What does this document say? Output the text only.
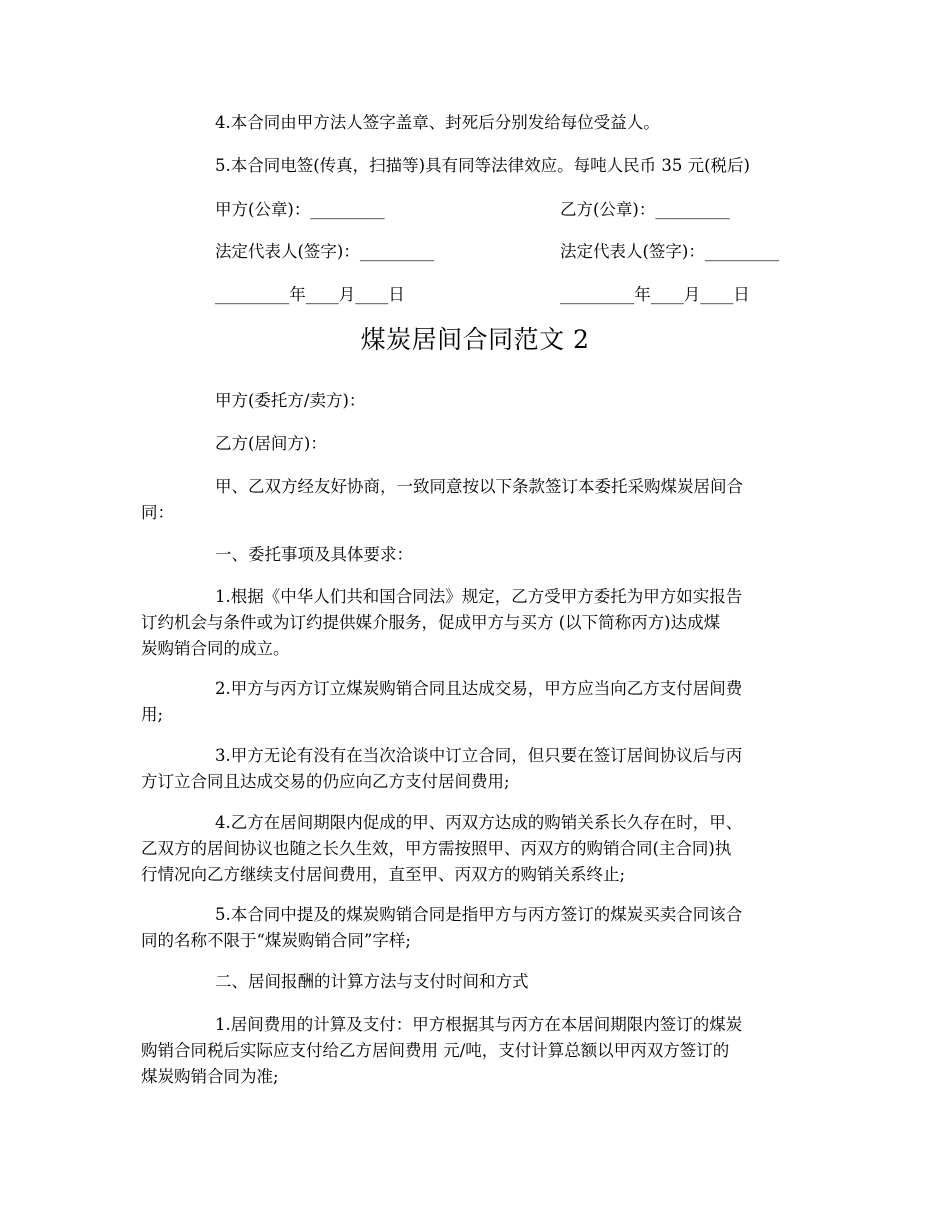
4.本合同由甲方法人签字盖章、封死后分别发给每位受益人。

5.本合同电签(传真，扫描等)具有同等法律效应。每吨人民币 35 元(税后)

甲方(公章)：_________	乙方(公章)：_________
法定代表人(签字)：_________	法定代表人(签字)：_________
_________年____月____日	_________年____月____日
煤炭居间合同范文 2

甲方(委托方/卖方)：

乙方(居间方)：

甲、乙双方经友好协商，一致同意按以下条款签订本委托采购煤炭居间合
同：

一、委托事项及具体要求：

1.根据《中华人们共和国合同法》规定，乙方受甲方委托为甲方如实报告
订约机会与条件或为订约提供媒介服务，促成甲方与买方 (以下简称丙方)达成煤
炭购销合同的成立。

2.甲方与丙方订立煤炭购销合同且达成交易，甲方应当向乙方支付居间费
用;

3.甲方无论有没有在当次洽谈中订立合同，但只要在签订居间协议后与丙
方订立合同且达成交易的仍应向乙方支付居间费用;

4.乙方在居间期限内促成的甲、丙双方达成的购销关系长久存在时，甲、
乙双方的居间协议也随之长久生效，甲方需按照甲、丙双方的购销合同(主合同)执
行情况向乙方继续支付居间费用，直至甲、丙双方的购销关系终止;

5.本合同中提及的煤炭购销合同是指甲方与丙方签订的煤炭买卖合同该合
同的名称不限于“煤炭购销合同”字样;

二、居间报酬的计算方法与支付时间和方式

1.居间费用的计算及支付：甲方根据其与丙方在本居间期限内签订的煤炭
购销合同税后实际应支付给乙方居间费用 元/吨，支付计算总额以甲丙双方签订的
煤炭购销合同为准;
